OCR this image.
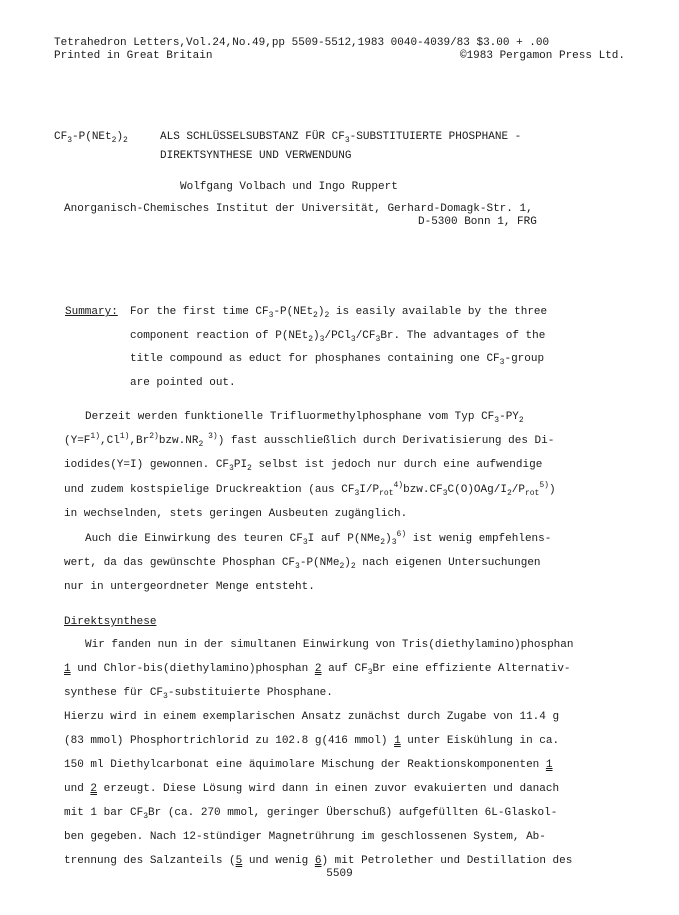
Tetrahedron Letters,Vol.24,No.49,pp 5509-5512,1983 0040-4039/83 $3.00 + .00
Printed in Great Britain	©1983 Pergamon Press Ltd.
$CF_3-P(NEt_2)_2$	ALS SCHLÜSSELSUBSTANZ FÜR $CF_3$-SUBSTITUIERTE PHOSPHANE -
DIREKTSYNTHESE UND VERWENDUNG
Wolfgang Volbach und Ingo Ruppert
Anorganisch-Chemisches Institut der Universität, Gerhard-Domagk-Str. 1,
D-5300 Bonn 1, FRG
Summary: For the first time $CF_3-P(NEt_2)_2$ is easily available by the three
component reaction of $P(NEt_2)_3/PCl_3/CF_3Br$. The advantages of the
title compound as educt for phosphanes containing one $CF_3$-group
are pointed out.
Derzeit werden funktionelle Trifluormethylphosphane vom Typ $CF_3-PY_2$
($Y=F^{1)},Cl^{1)},Br^{2)}bzw.NR_2$ $^{3)}$) fast ausschließlich durch Derivatisierung des Di-
iodides(Y=I) gewonnen. $CF_3PI_2$ selbst ist jedoch nur durch eine aufwendige
und zudem kostspielige Druckreaktion (aus $CF_3I/P_{rot}^{4)}bzw.CF_3C(O)OAg/I_2/P_{rot}^{5)}$)
in wechselnden, stets geringen Ausbeuten zugänglich.
Auch die Einwirkung des teuren $CF_3I$ auf $P(NMe_2)_3^{6)}$ ist wenig empfehlens-
wert, da das gewünschte Phosphan $CF_3-P(NMe_2)_2$ nach eigenen Untersuchungen
nur in untergeordneter Menge entsteht.
Direktsynthese
Wir fanden nun in der simultanen Einwirkung von Tris(diethylamino)phosphan
1 und Chlor-bis(diethylamino)phosphan 2 auf $CF_3Br$ eine effiziente Alternativ-
synthese für $CF_3$-substituierte Phosphane.
Hierzu wird in einem exemplarischen Ansatz zunächst durch Zugabe von 11.4 g
(83 mmol) Phosphortrichlorid zu 102.8 g(416 mmol) 1 unter Eiskühlung in ca.
150 ml Diethylcarbonat eine äquimolare Mischung der Reaktionskomponenten 1
und 2 erzeugt. Diese Lösung wird dann in einen zuvor evakuierten und danach
mit 1 bar $CF_3Br$ (ca. 270 mmol, geringer Überschuß) aufgefüllten 6L-Glaskol-
ben gegeben. Nach 12-stündiger Magnetrührung im geschlossenen System, Ab-
trennung des Salzanteils (5 und wenig 6) mit Petrolether und Destillation des
5509
